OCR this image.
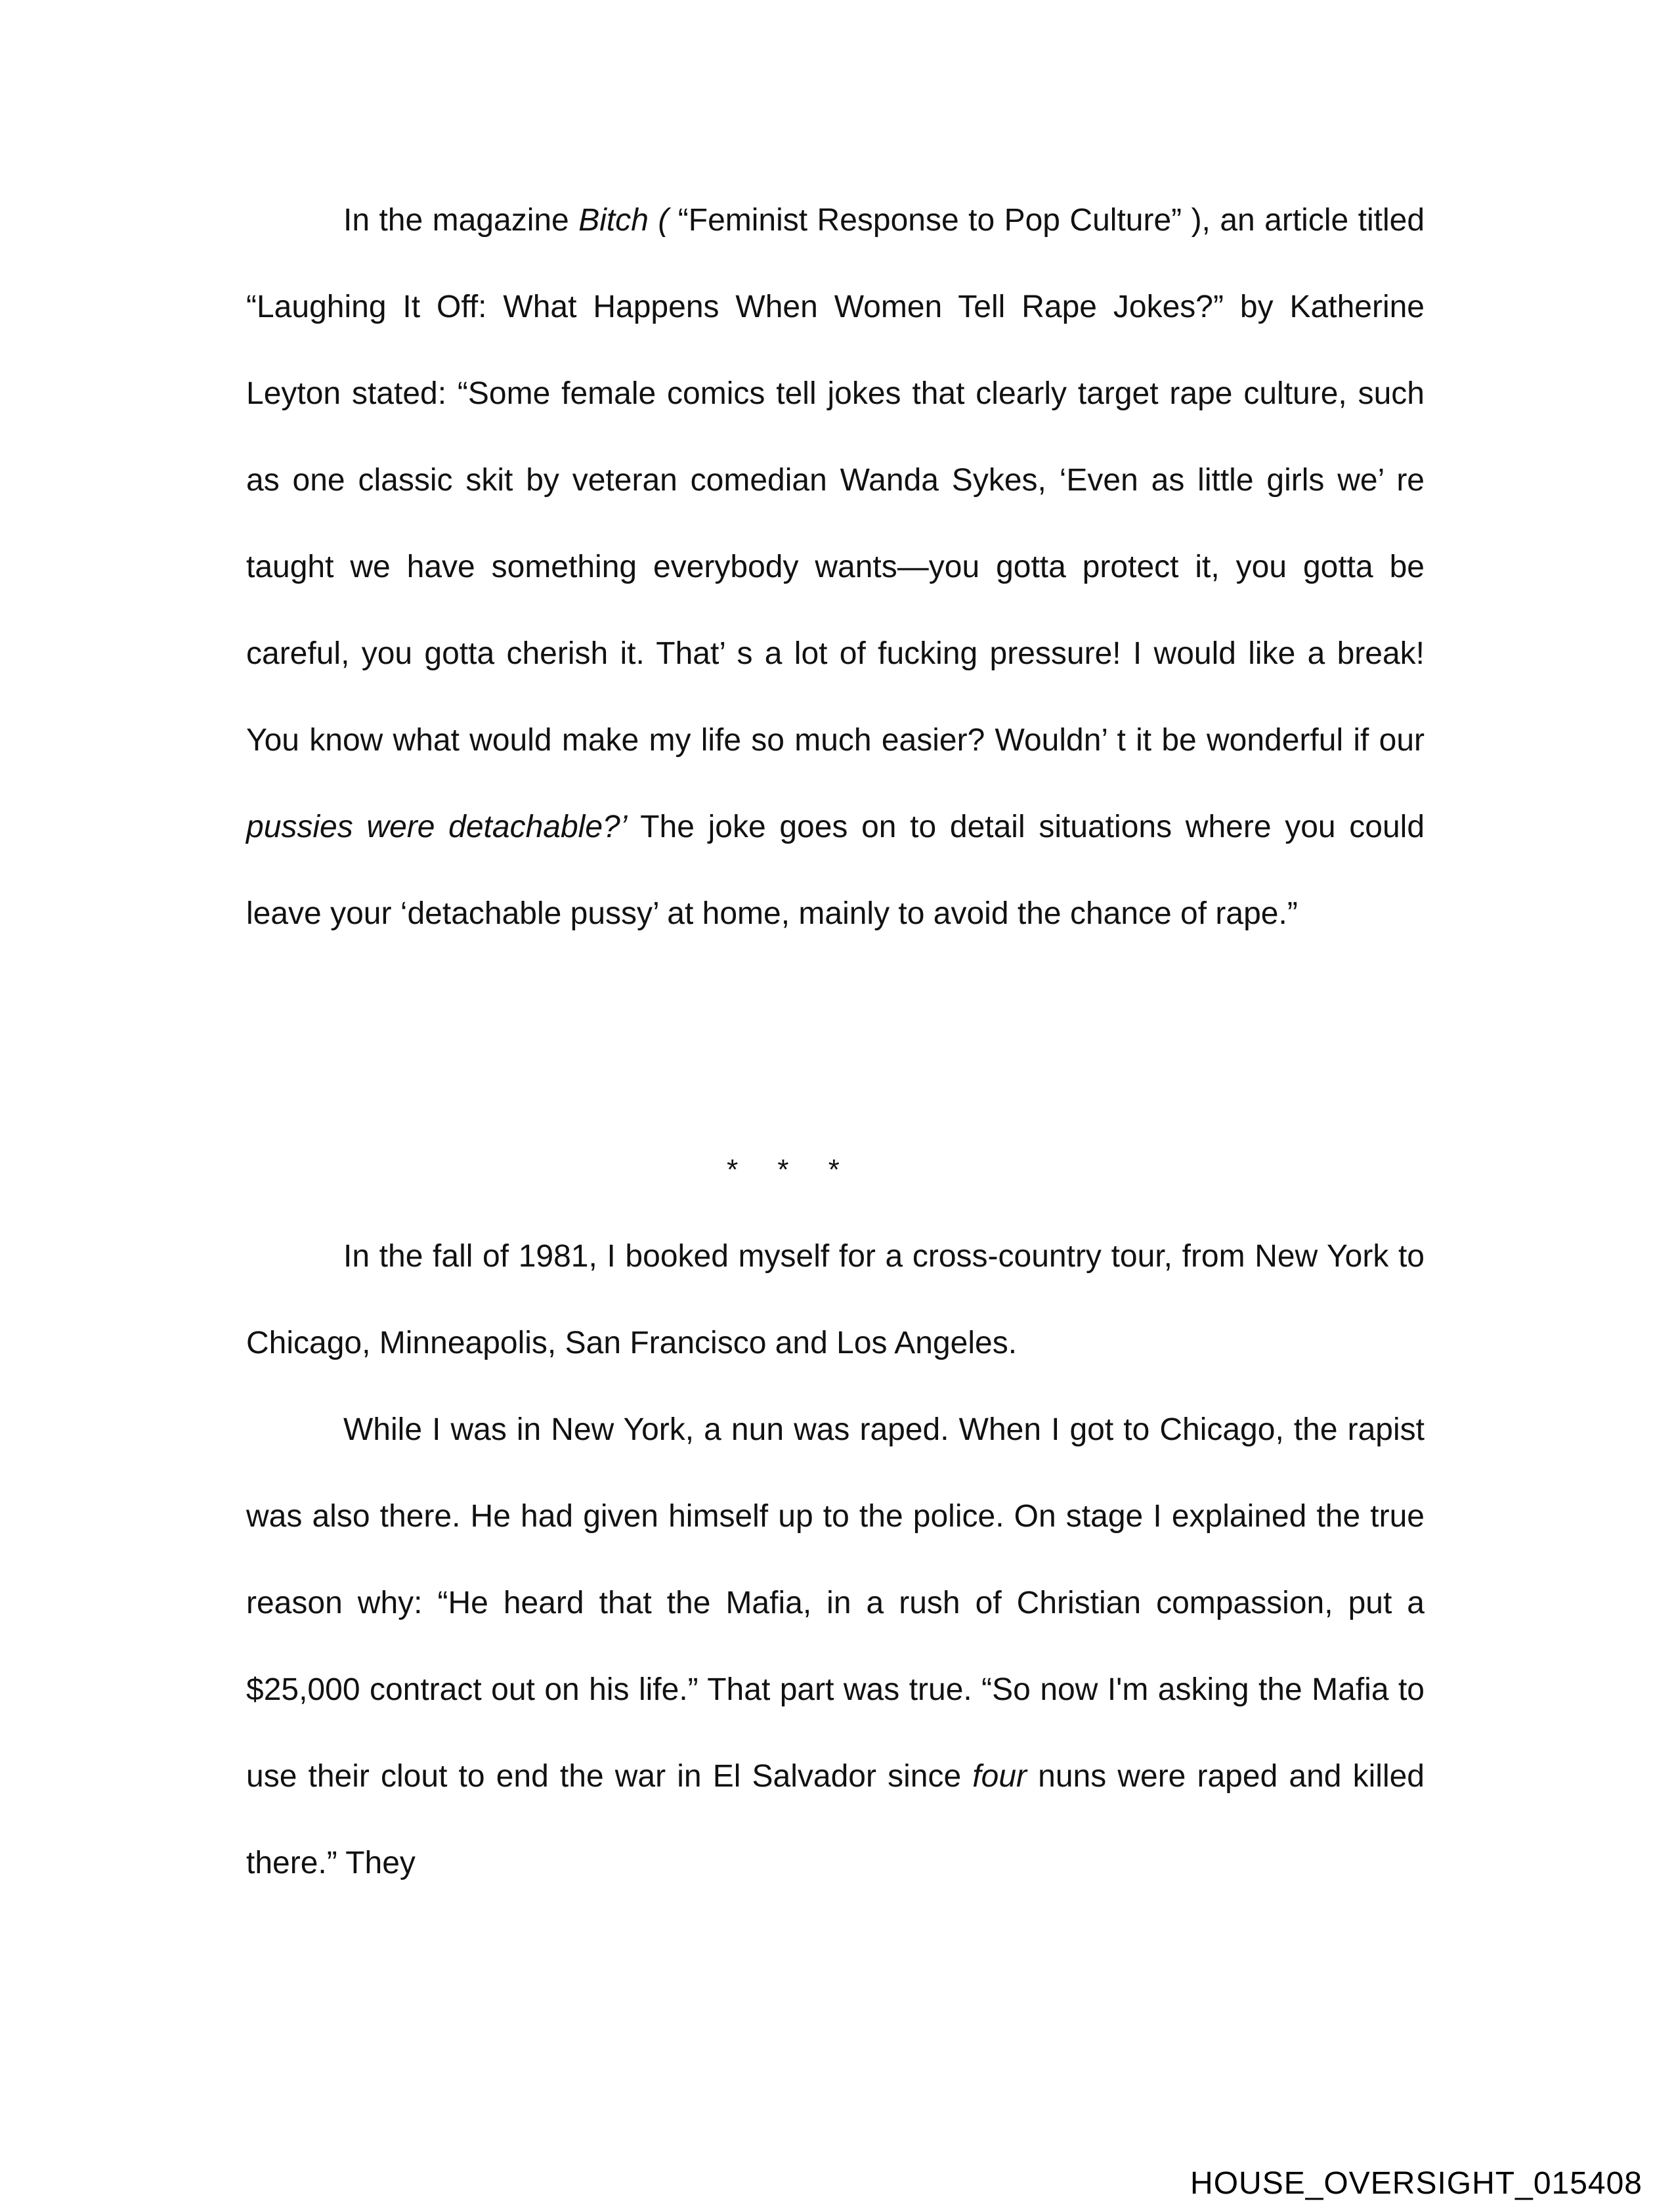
In the magazine Bitch ( “Feminist Response to Pop Culture” ), an article titled “Laughing It Off: What Happens When Women Tell Rape Jokes?” by Katherine Leyton stated: “Some female comics tell jokes that clearly target rape culture, such as one classic skit by veteran comedian Wanda Sykes, ‘Even as little girls we’ re taught we have something everybody wants—you gotta protect it, you gotta be careful, you gotta cherish it. That’ s a lot of fucking pressure! I would like a break! You know what would make my life so much easier? Wouldn’ t it be wonderful if our pussies were detachable?’ The joke goes on to detail situations where you could leave your ‘detachable pussy’ at home, mainly to avoid the chance of rape.”

* * *

In the fall of 1981, I booked myself for a cross-country tour, from New York to Chicago, Minneapolis, San Francisco and Los Angeles.

While I was in New York, a nun was raped. When I got to Chicago, the rapist was also there. He had given himself up to the police. On stage I explained the true reason why: “He heard that the Mafia, in a rush of Christian compassion, put a $25,000 contract out on his life.” That part was true. “So now I'm asking the Mafia to use their clout to end the war in El Salvador since four nuns were raped and killed there.” They

HOUSE_OVERSIGHT_015408
